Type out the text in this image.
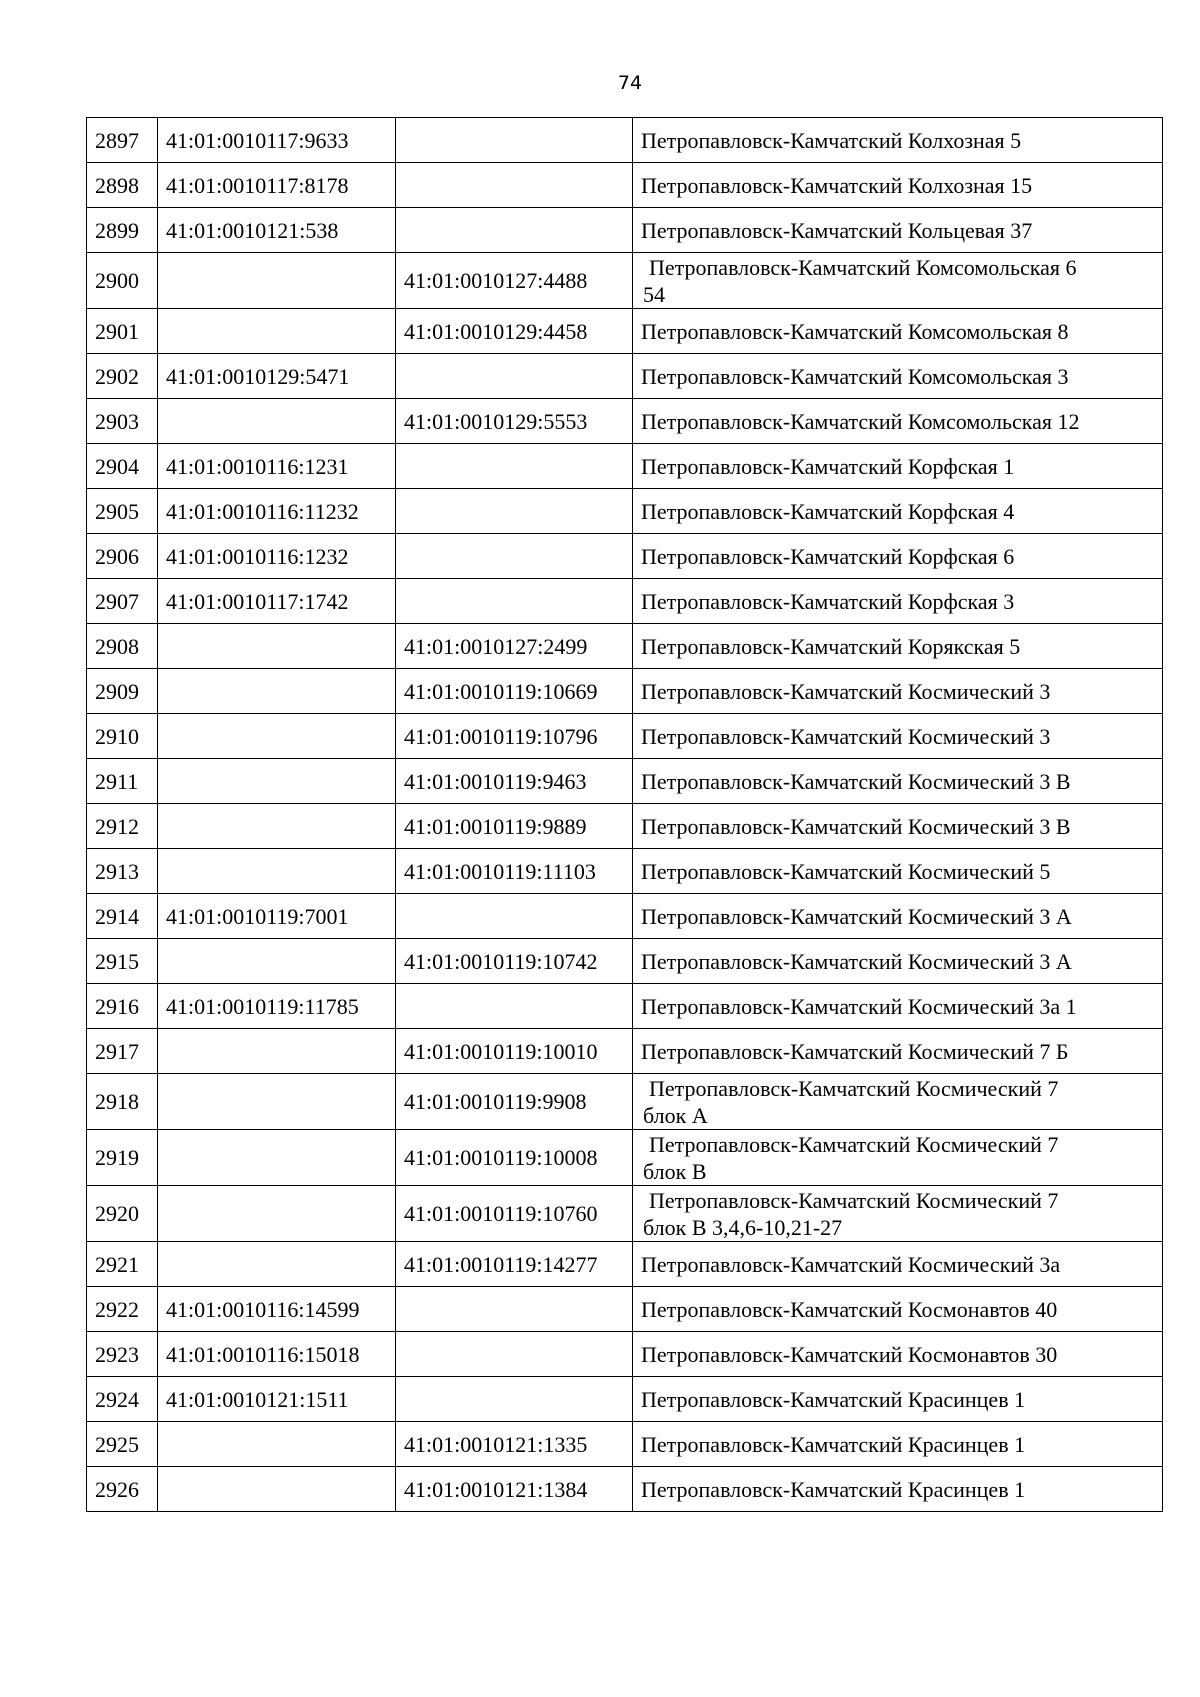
74
2897	41:01:0010117:9633		Петропавловск-Камчатский Колхозная 5

2898	41:01:0010117:8178		Петропавловск-Камчатский Колхозная 15

2899	41:01:0010121:538		Петропавловск-Камчатский Кольцевая 37

2900		41:01:0010127:4488	Петропавловск-Камчатский Комсомольская 6
54

2901		41:01:0010129:4458	Петропавловск-Камчатский Комсомольская 8

2902	41:01:0010129:5471		Петропавловск-Камчатский Комсомольская 3

2903		41:01:0010129:5553	Петропавловск-Камчатский Комсомольская 12

2904	41:01:0010116:1231		Петропавловск-Камчатский Корфская 1

2905	41:01:0010116:11232		Петропавловск-Камчатский Корфская 4

2906	41:01:0010116:1232		Петропавловск-Камчатский Корфская 6

2907	41:01:0010117:1742		Петропавловск-Камчатский Корфская 3

2908		41:01:0010127:2499	Петропавловск-Камчатский Корякская 5

2909		41:01:0010119:10669	Петропавловск-Камчатский Космический 3

2910		41:01:0010119:10796	Петропавловск-Камчатский Космический 3

2911		41:01:0010119:9463	Петропавловск-Камчатский Космический 3 В

2912		41:01:0010119:9889	Петропавловск-Камчатский Космический 3 В

2913		41:01:0010119:11103	Петропавловск-Камчатский Космический 5

2914	41:01:0010119:7001		Петропавловск-Камчатский Космический 3 А

2915		41:01:0010119:10742	Петропавловск-Камчатский Космический 3 А

2916	41:01:0010119:11785		Петропавловск-Камчатский Космический 3а 1

2917		41:01:0010119:10010	Петропавловск-Камчатский Космический 7 Б

2918		41:01:0010119:9908	Петропавловск-Камчатский Космический 7
блок А

2919		41:01:0010119:10008	Петропавловск-Камчатский Космический 7
блок В

2920		41:01:0010119:10760	Петропавловск-Камчатский Космический 7
блок В 3,4,6-10,21-27

2921		41:01:0010119:14277	Петропавловск-Камчатский Космический 3а

2922	41:01:0010116:14599		Петропавловск-Камчатский Космонавтов 40

2923	41:01:0010116:15018		Петропавловск-Камчатский Космонавтов 30

2924	41:01:0010121:1511		Петропавловск-Камчатский Красинцев 1

2925		41:01:0010121:1335	Петропавловск-Камчатский Красинцев 1

2926		41:01:0010121:1384	Петропавловск-Камчатский Красинцев 1
